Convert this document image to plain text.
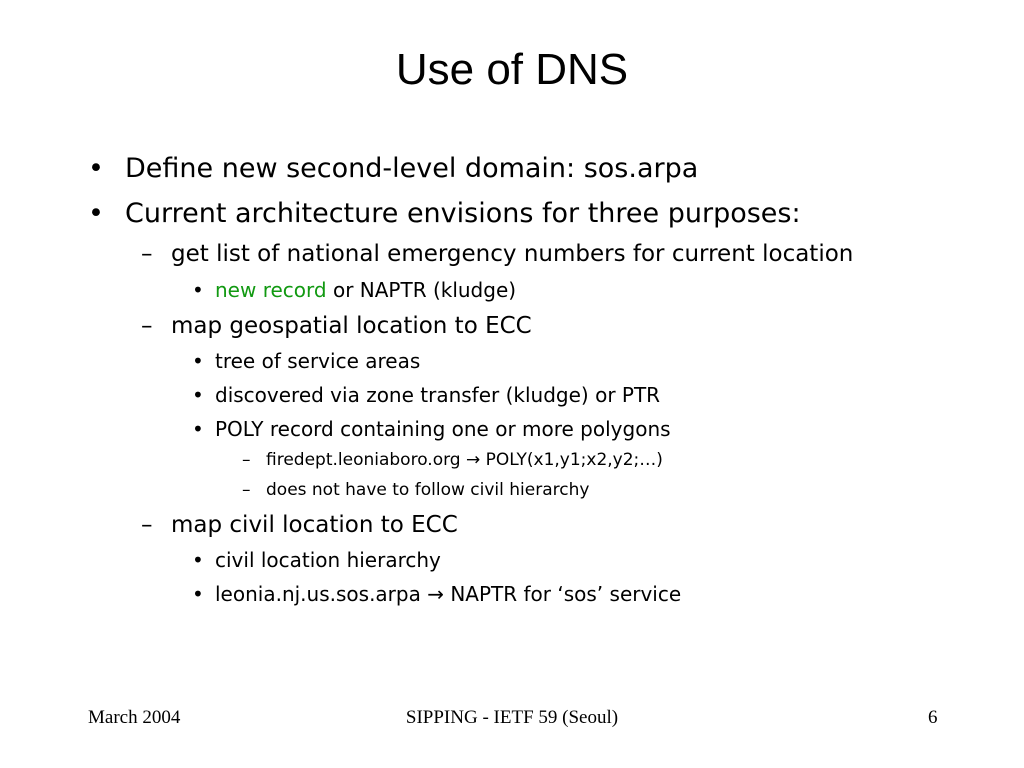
Use of DNS
• Define new second-level domain: sos.arpa
• Current architecture envisions for three purposes:
– get list of national emergency numbers for current location
• new record or NAPTR (kludge)
– map geospatial location to ECC
• tree of service areas
• discovered via zone transfer (kludge) or PTR
• POLY record containing one or more polygons
– firedept.leoniaboro.org → POLY(x1,y1;x2,y2;…)
– does not have to follow civil hierarchy
– map civil location to ECC
• civil location hierarchy
• leonia.nj.us.sos.arpa → NAPTR for ‘sos’ service
March 2004	SIPPING - IETF 59 (Seoul)	6
